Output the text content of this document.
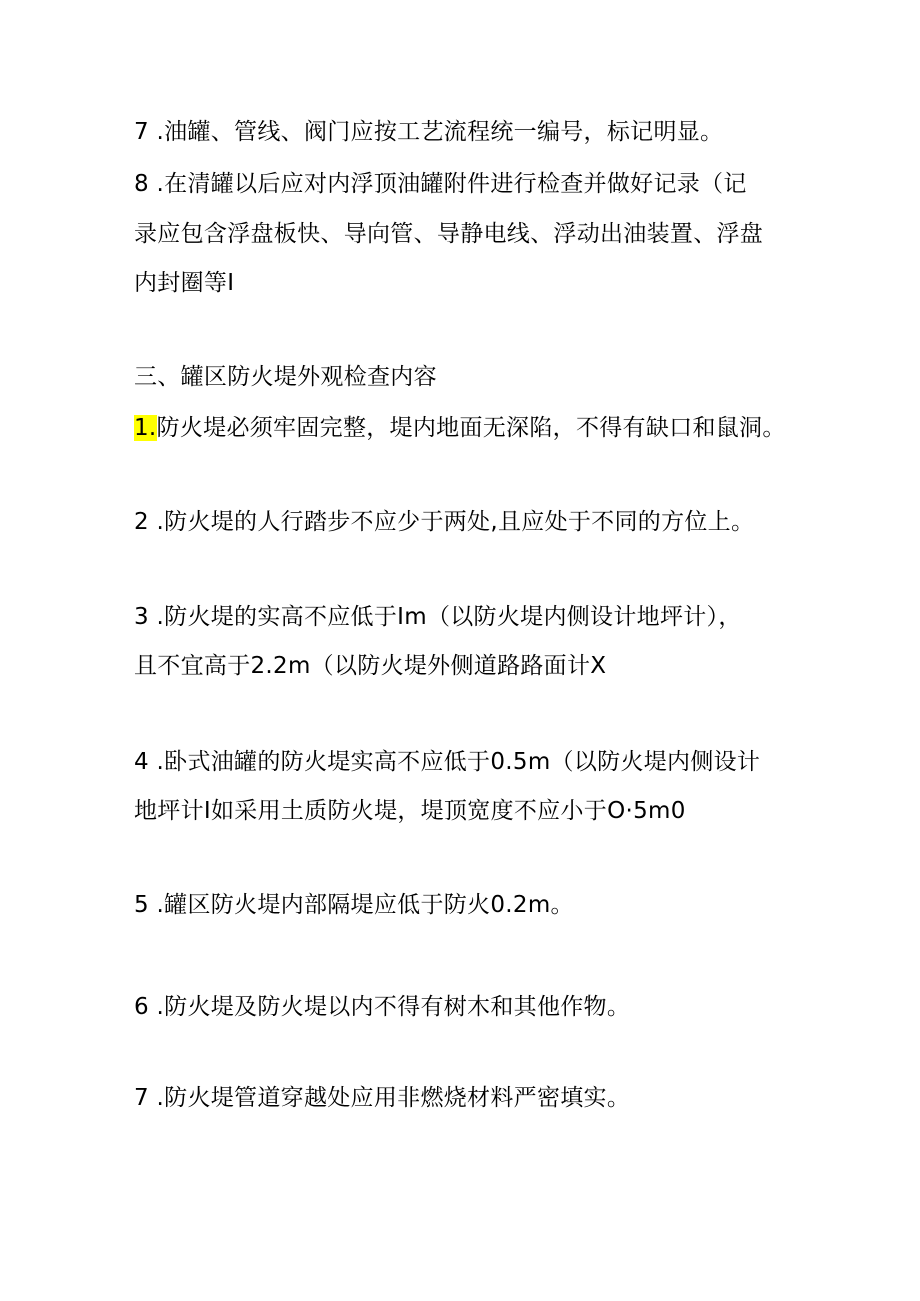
7 .油罐、管线、阀门应按工艺流程统一编号，标记明显。
8 .在清罐以后应对内浮顶油罐附件进行检查并做好记录（记
录应包含浮盘板快、导向管、导静电线、浮动出油装置、浮盘
内封圈等I
三、罐区防火堤外观检查内容
1.防火堤必须牢固完整，堤内地面无深陷，不得有缺口和鼠洞。
2 .防火堤的人行踏步不应少于两处,且应处于不同的方位上。
3 .防火堤的实高不应低于Im（以防火堤内侧设计地坪计），
且不宜高于2.2m（以防火堤外侧道路路面计X
4 .卧式油罐的防火堤实高不应低于0.5m（以防火堤内侧设计
地坪计I如采用土质防火堤，堤顶宽度不应小于O·5m0
5 .罐区防火堤内部隔堤应低于防火0.2m。
6 .防火堤及防火堤以内不得有树木和其他作物。
7 .防火堤管道穿越处应用非燃烧材料严密填实。
